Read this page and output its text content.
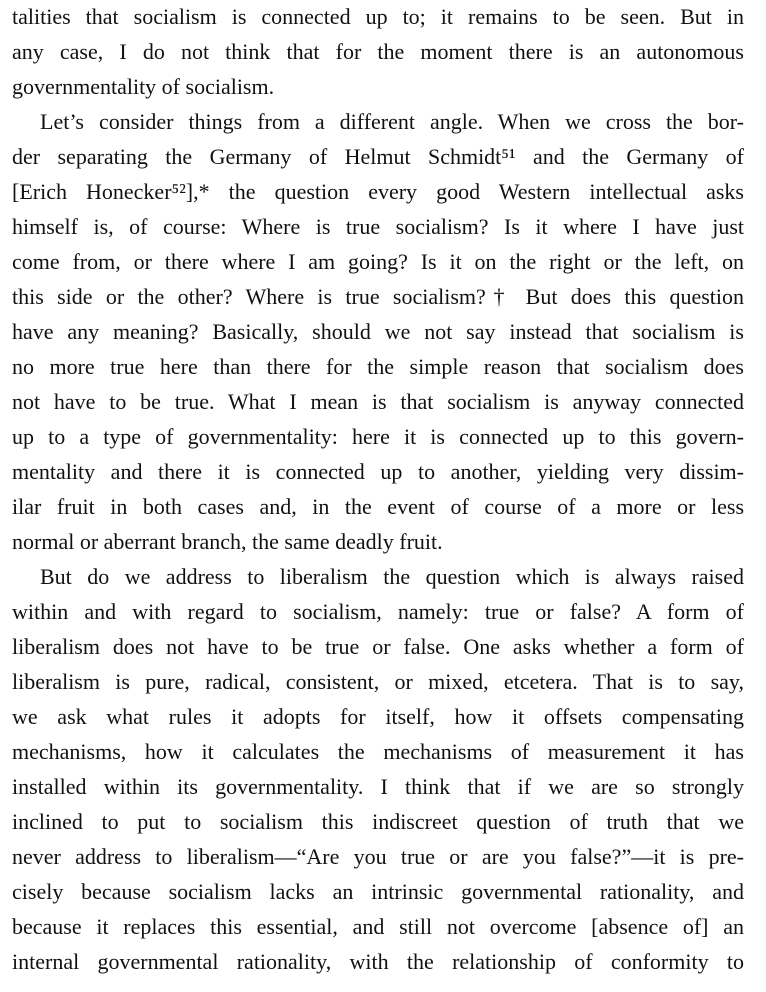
talities that socialism is connected up to; it remains to be seen. But in
any case, I do not think that for the moment there is an autonomous
governmentality of socialism.
Let’s consider things from a different angle. When we cross the bor-
der separating the Germany of Helmut Schmidt⁵¹ and the Germany of
[Erich Honecker⁵²],* the question every good Western intellectual asks
himself is, of course: Where is true socialism? Is it where I have just
come from, or there where I am going? Is it on the right or the left, on
this side or the other? Where is true socialism?† But does this question
have any meaning? Basically, should we not say instead that socialism is
no more true here than there for the simple reason that socialism does
not have to be true. What I mean is that socialism is anyway connected
up to a type of governmentality: here it is connected up to this govern-
mentality and there it is connected up to another, yielding very dissim-
ilar fruit in both cases and, in the event of course of a more or less
normal or aberrant branch, the same deadly fruit.
But do we address to liberalism the question which is always raised
within and with regard to socialism, namely: true or false? A form of
liberalism does not have to be true or false. One asks whether a form of
liberalism is pure, radical, consistent, or mixed, etcetera. That is to say,
we ask what rules it adopts for itself, how it offsets compensating
mechanisms, how it calculates the mechanisms of measurement it has
installed within its governmentality. I think that if we are so strongly
inclined to put to socialism this indiscreet question of truth that we
never address to liberalism—“Are you true or are you false?”—it is pre-
cisely because socialism lacks an intrinsic governmental rationality, and
because it replaces this essential, and still not overcome [absence of] an
internal governmental rationality, with the relationship of conformity to
